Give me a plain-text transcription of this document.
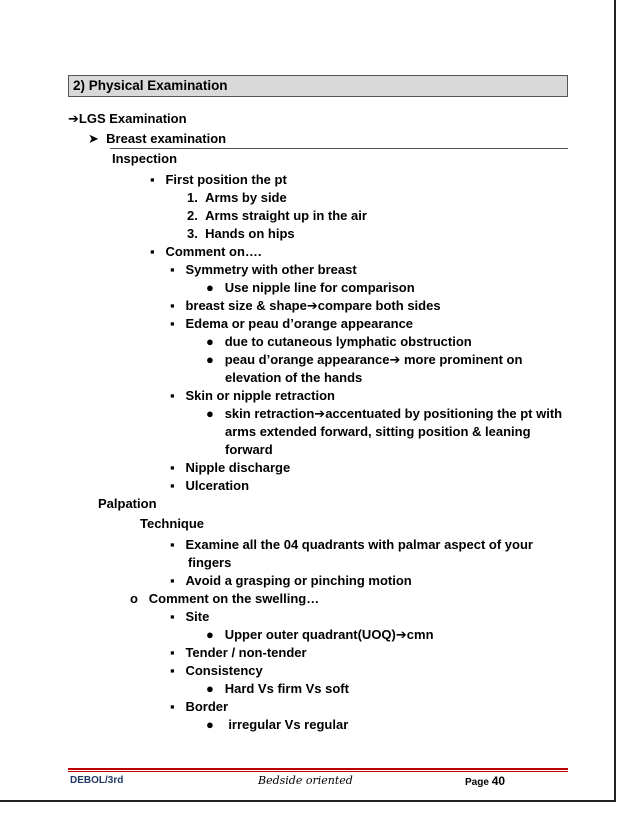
2) Physical Examination
➔LGS Examination
➤ Breast examination
Inspection
▪ First position the pt
1.  Arms by side
2.  Arms straight up in the air
3.  Hands on hips
▪ Comment on….
▪ Symmetry with other breast
● Use nipple line for comparison
▪ breast size & shape➔compare both sides
▪ Edema or peau d’orange appearance
● due to cutaneous lymphatic obstruction
● peau d’orange appearance➔ more prominent on
elevation of the hands
▪ Skin or nipple retraction
● skin retraction➔accentuated by positioning the pt with
arms extended forward, sitting position & leaning
forward
▪ Nipple discharge
▪ Ulceration
Palpation
Technique
▪ Examine all the 04 quadrants with palmar aspect of your
fingers
▪ Avoid a grasping or pinching motion
o Comment on the swelling…
▪ Site
● Upper outer quadrant(UOQ)➔cmn
▪ Tender / non-tender
▪ Consistency
● Hard Vs firm Vs soft
▪ Border
●    irregular Vs regular
DEBOL/3rd	Bedside oriented	Page 40
